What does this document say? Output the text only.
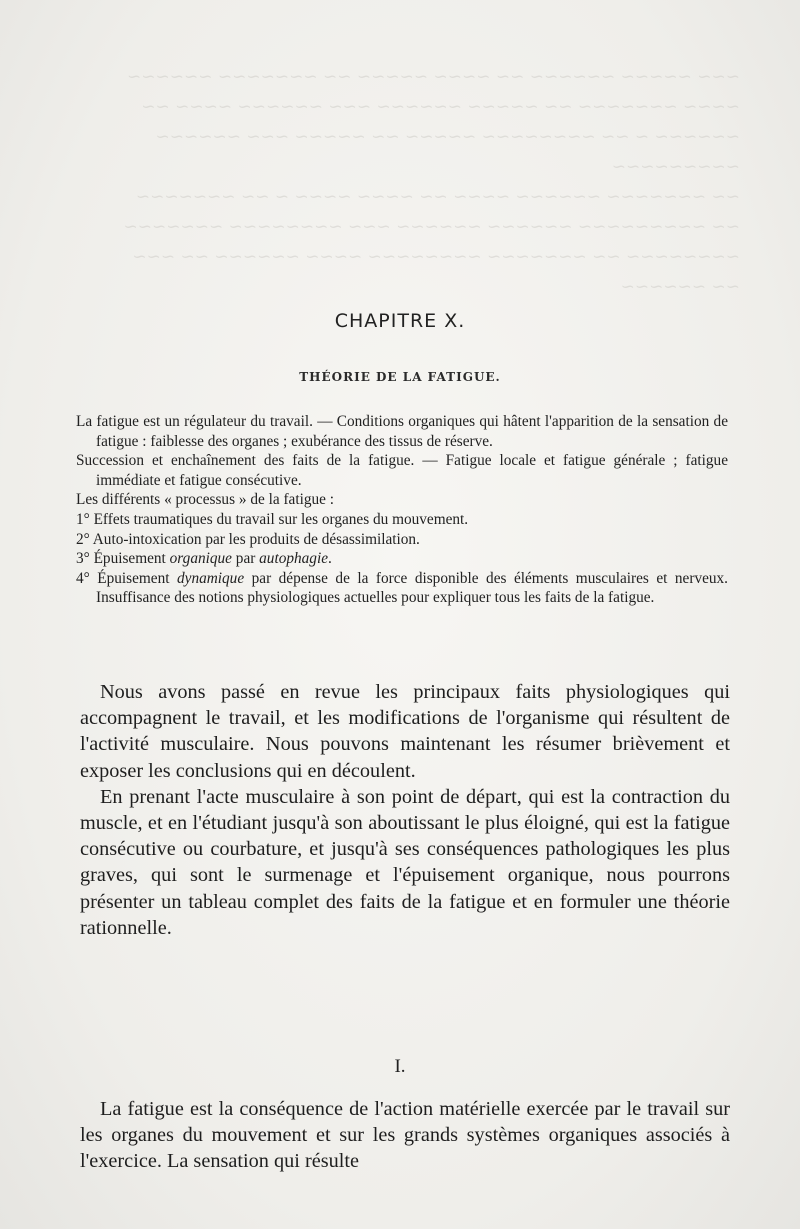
~~~ ~~~~~ ~~~~~~ ~~ ~~~~ ~~~~~ ~~ ~~~~~~~ ~~~~~~
~~~~ ~~~~~~~ ~~ ~~~~~ ~~~~~~ ~~~ ~~~~~~ ~~~~ ~~
~~~~~~ ~ ~~ ~~~~~~~~ ~~~~~ ~~ ~~~~~ ~~~ ~~~~~~
~~~~~~~~~
~~ ~~~~~~~ ~~~~~~ ~~~~ ~~ ~~~~ ~~~~ ~ ~~ ~~~~~~~
~~ ~~~~~~~~~ ~~~~~~ ~~~~~~ ~~~ ~~~~~~~~ ~~~~~~~
~~~~~~~~ ~~ ~~~~~~~ ~~~~~~~~ ~~~~ ~~~~~~ ~~ ~~~
~~ ~~~~~~
CHAPITRE X.
THÉORIE DE LA FATIGUE.

La fatigue est un régulateur du travail. — Conditions organiques qui hâtent l'apparition de la sensation de fatigue : faiblesse des organes ; exubérance des tissus de réserve.

Succession et enchaînement des faits de la fatigue. — Fatigue locale et fatigue générale ; fatigue immédiate et fatigue consécutive.

Les différents « processus » de la fatigue :

1° Effets traumatiques du travail sur les organes du mouvement.

2° Auto-intoxication par les produits de désassimilation.

3° Épuisement organique par autophagie.

4° Épuisement dynamique par dépense de la force disponible des éléments musculaires et nerveux. Insuffisance des notions physiologiques actuelles pour expliquer tous les faits de la fatigue.

Nous avons passé en revue les principaux faits physiologiques qui accompagnent le travail, et les modifications de l'organisme qui résultent de l'activité musculaire. Nous pouvons maintenant les résumer brièvement et exposer les conclusions qui en découlent.

En prenant l'acte musculaire à son point de départ, qui est la contraction du muscle, et en l'étudiant jusqu'à son aboutissant le plus éloigné, qui est la fatigue consécutive ou courbature, et jusqu'à ses conséquences pathologiques les plus graves, qui sont le surmenage et l'épuisement organique, nous pourrons présenter un tableau complet des faits de la fatigue et en formuler une théorie rationnelle.

I.

La fatigue est la conséquence de l'action matérielle exercée par le travail sur les organes du mouvement et sur les grands systèmes organiques associés à l'exercice. La sensation qui résulte
